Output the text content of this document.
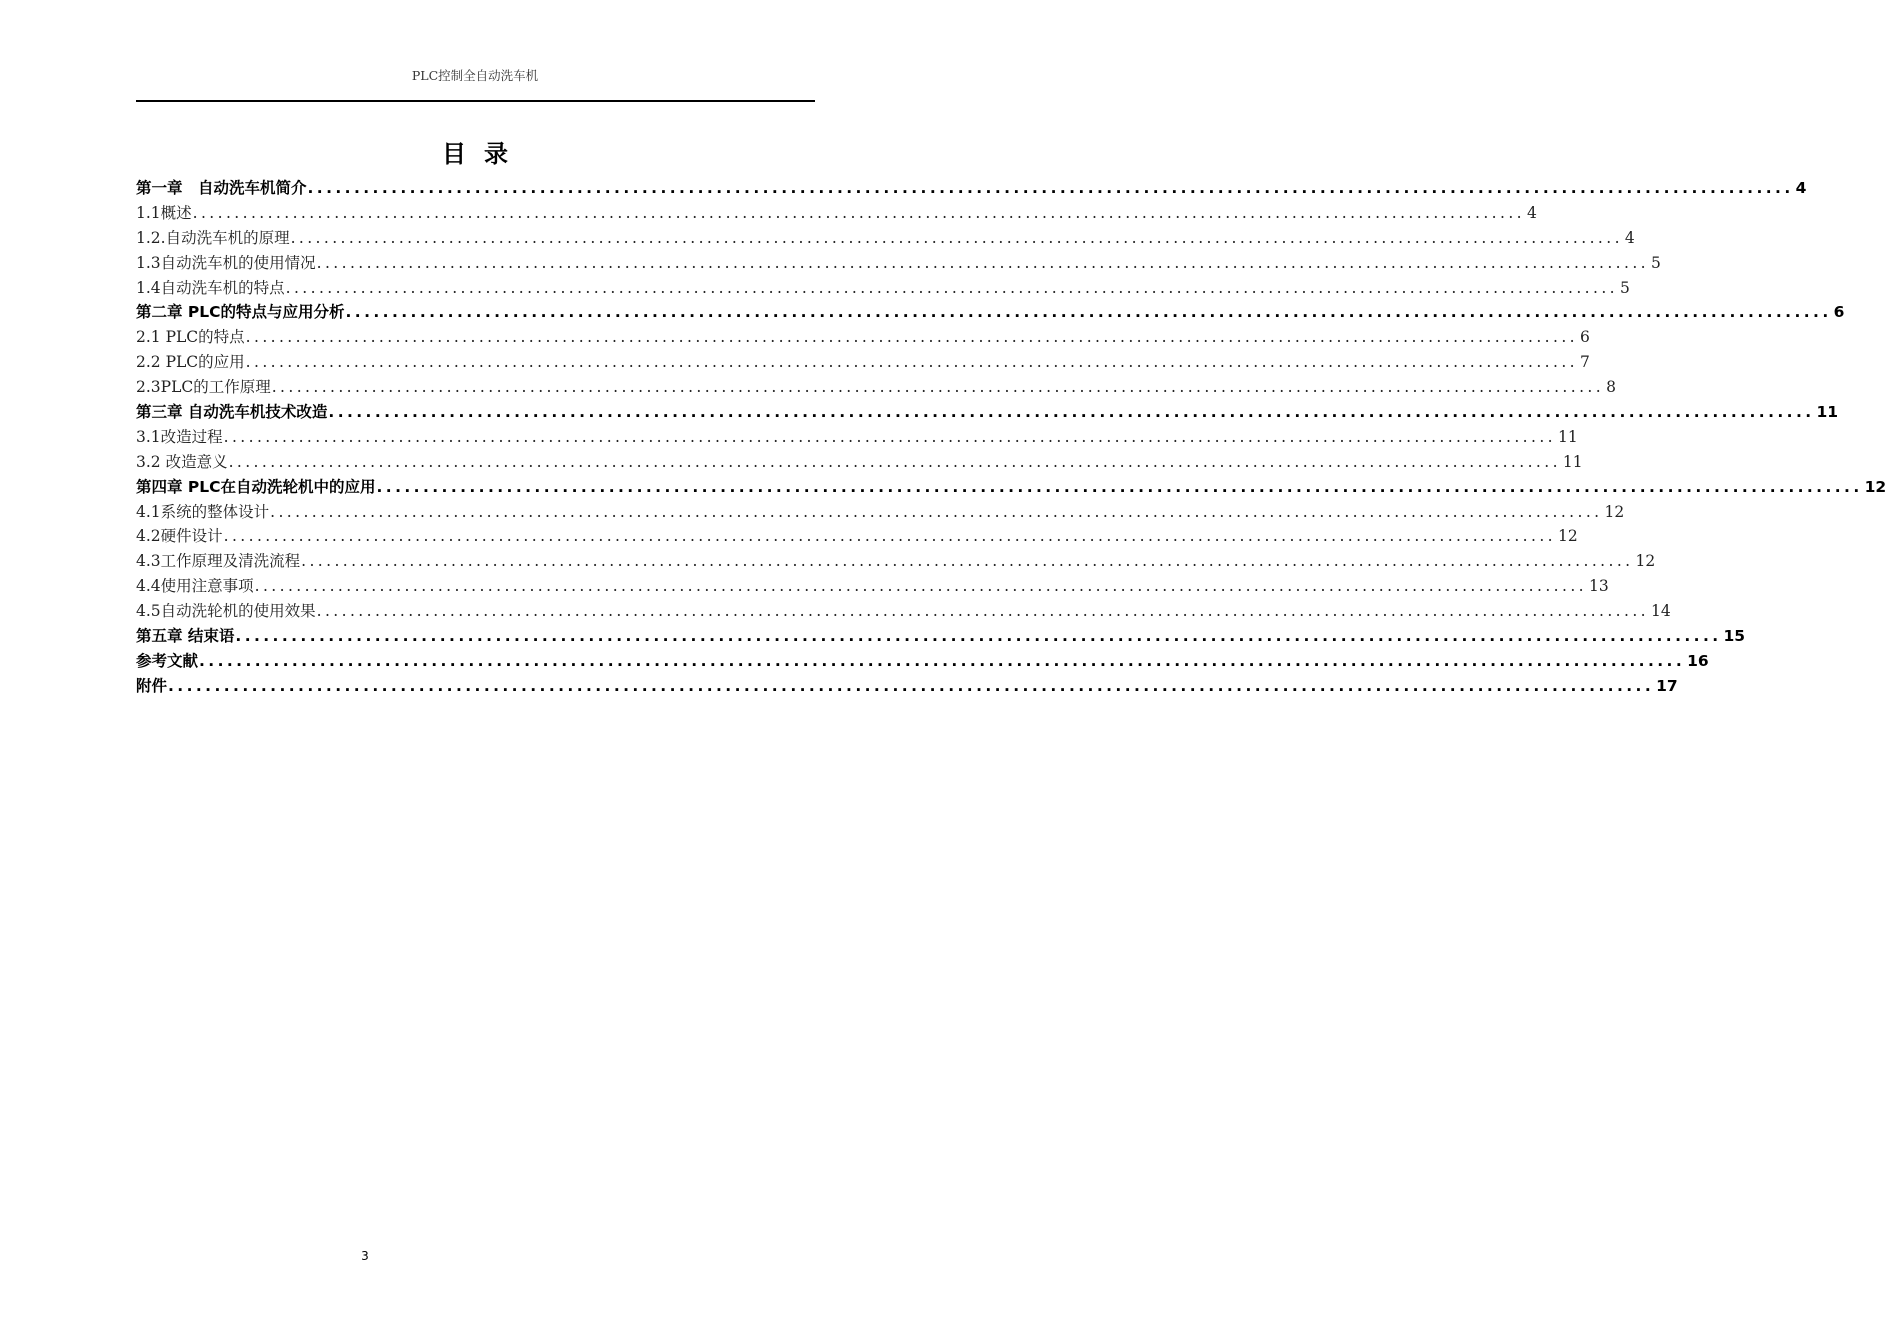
PLC控制全自动洗车机
目录
第一章　自动洗车机简介 ................................................................................................................................................................ 4
1.1概述 ................................................................................................................................................................ 4
1.2.自动洗车机的原理 ................................................................................................................................................................ 4
1.3自动洗车机的使用情况 ................................................................................................................................................................ 5
1.4自动洗车机的特点 ................................................................................................................................................................ 5
第二章 PLC的特点与应用分析 ................................................................................................................................................................ 6
2.1 PLC的特点 ................................................................................................................................................................ 6
2.2 PLC的应用 ................................................................................................................................................................ 7
2.3PLC的工作原理 ................................................................................................................................................................ 8
第三章 自动洗车机技术改造 ................................................................................................................................................................ 11
3.1改造过程 ................................................................................................................................................................ 11
3.2 改造意义 ................................................................................................................................................................ 11
第四章 PLC在自动洗轮机中的应用 ................................................................................................................................................................ 12
4.1系统的整体设计 ................................................................................................................................................................ 12
4.2硬件设计 ................................................................................................................................................................ 12
4.3工作原理及清洗流程 ................................................................................................................................................................ 12
4.4使用注意事项 ................................................................................................................................................................ 13
4.5自动洗轮机的使用效果 ................................................................................................................................................................ 14
第五章 结束语 ................................................................................................................................................................ 15
参考文献 ................................................................................................................................................................ 16
附件 ................................................................................................................................................................ 17
3
